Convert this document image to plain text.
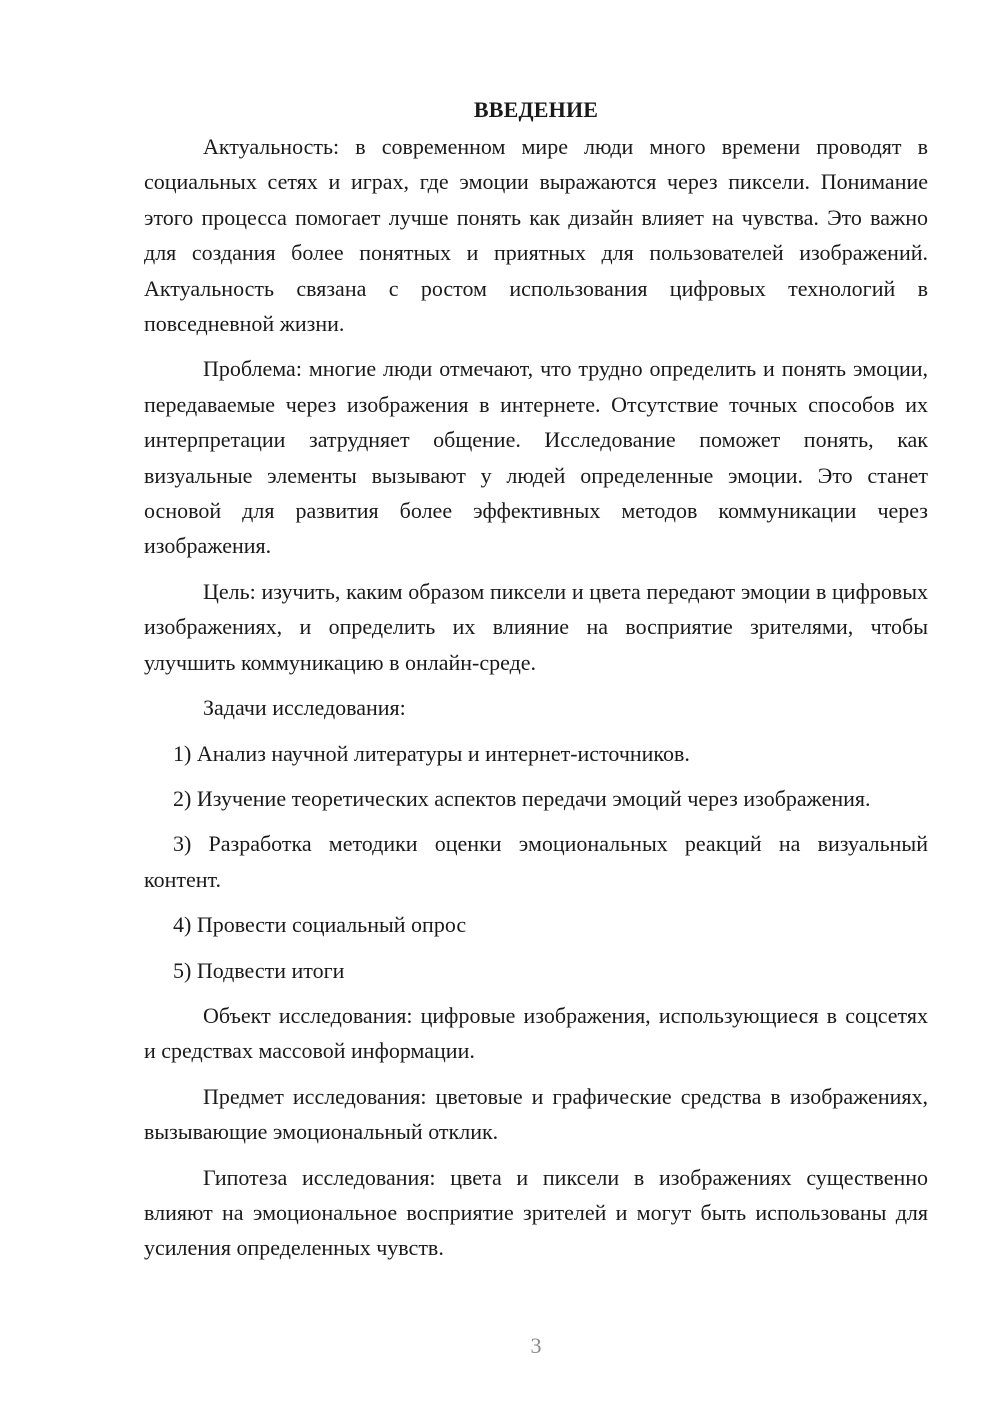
ВВЕДЕНИЕ

Актуальность: в современном мире люди много времени проводят в социальных сетях и играх, где эмоции выражаются через пиксели. Понимание этого процесса помогает лучше понять как дизайн влияет на чувства. Это важно для создания более понятных и приятных для пользователей изображений. Актуальность связана с ростом использования цифровых технологий в повседневной жизни.

Проблема: многие люди отмечают, что трудно определить и понять эмоции, передаваемые через изображения в интернете. Отсутствие точных способов их интерпретации затрудняет общение. Исследование поможет понять, как визуальные элементы вызывают у людей определенные эмоции. Это станет основой для развития более эффективных методов коммуникации через изображения.

Цель: изучить, каким образом пиксели и цвета передают эмоции в цифровых изображениях, и определить их влияние на восприятие зрителями, чтобы улучшить коммуникацию в онлайн-среде.

Задачи исследования:

1) Анализ научной литературы и интернет-источников.

2) Изучение теоретических аспектов передачи эмоций через изображения.

3) Разработка методики оценки эмоциональных реакций на визуальный контент.

4) Провести социальный опрос

5) Подвести итоги

Объект исследования: цифровые изображения, использующиеся в соцсетях и средствах массовой информации.

Предмет исследования: цветовые и графические средства в изображениях, вызывающие эмоциональный отклик.

Гипотеза исследования: цвета и пиксели в изображениях существенно влияют на эмоциональное восприятие зрителей и могут быть использованы для усиления определенных чувств.

3
